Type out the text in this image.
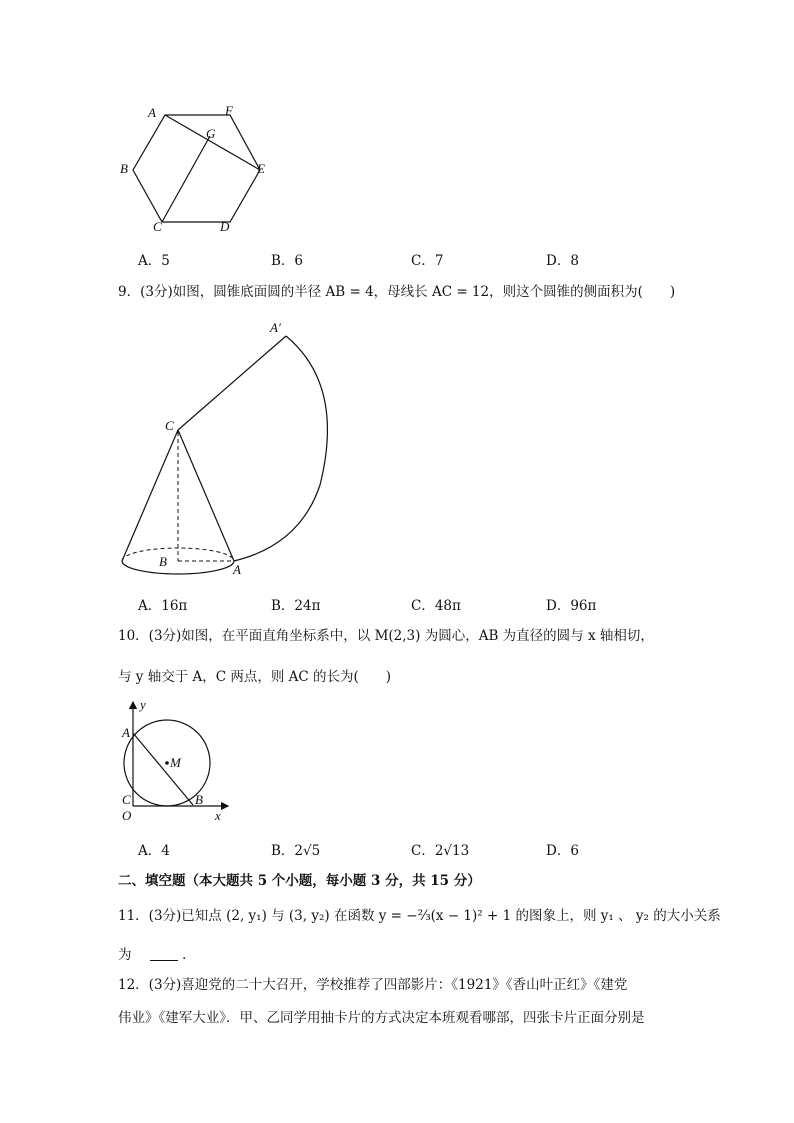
A	F
G
B	E
C	D
A．5	B．6	C．7	D．8
9．(3分)如图，圆锥底面圆的半径 AB = 4，母线长 AC = 12，则这个圆锥的侧面积为(　　)
A′
C
B
A
A．16π	B．24π	C．48π	D．96π
10．(3分)如图，在平面直角坐标系中，以 M(2,3) 为圆心，AB 为直径的圆与 x 轴相切，
与 y 轴交于 A，C 两点，则 AC 的长为(　　)
y
x
A
M
C	B
O
A．4	B．2√5	C．2√13	D．6
二、填空题（本大题共 5 个小题，每小题 3 分，共 15 分）
11．(3分)已知点 (2, y₁) 与 (3, y₂) 在函数 y = −⅔(x − 1)² + 1 的图象上，则 y₁ 、 y₂ 的大小关系
为	．
12．(3分)喜迎党的二十大召开，学校推荐了四部影片：《1921》《香山叶正红》《建党
伟业》《建军大业》．甲、乙同学用抽卡片的方式决定本班观看哪部，四张卡片正面分别是
